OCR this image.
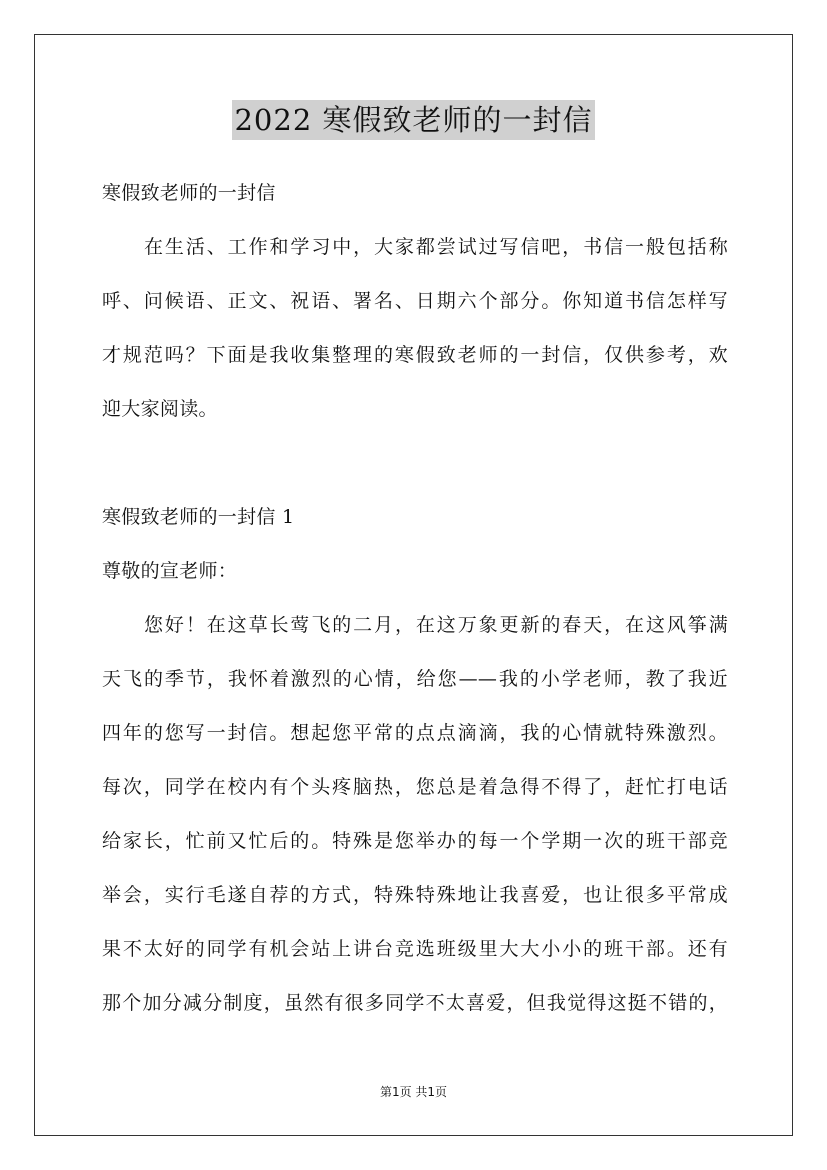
2022 寒假致老师的一封信
寒假致老师的一封信
在生活、工作和学习中，大家都尝试过写信吧，书信一般包括称
呼、问候语、正文、祝语、署名、日期六个部分。你知道书信怎样写
才规范吗？下面是我收集整理的寒假致老师的一封信，仅供参考，欢
迎大家阅读。
寒假致老师的一封信 1
尊敬的宣老师：
您好！在这草长莺飞的二月，在这万象更新的春天，在这风筝满
天飞的季节，我怀着激烈的心情，给您——我的小学老师，教了我近
四年的您写一封信。想起您平常的点点滴滴，我的心情就特殊激烈。
每次，同学在校内有个头疼脑热，您总是着急得不得了，赶忙打电话
给家长，忙前又忙后的。特殊是您举办的每一个学期一次的班干部竞
举会，实行毛遂自荐的方式，特殊特殊地让我喜爱，也让很多平常成
果不太好的同学有机会站上讲台竞选班级里大大小小的班干部。还有
那个加分减分制度，虽然有很多同学不太喜爱，但我觉得这挺不错的，
第1页 共1页
